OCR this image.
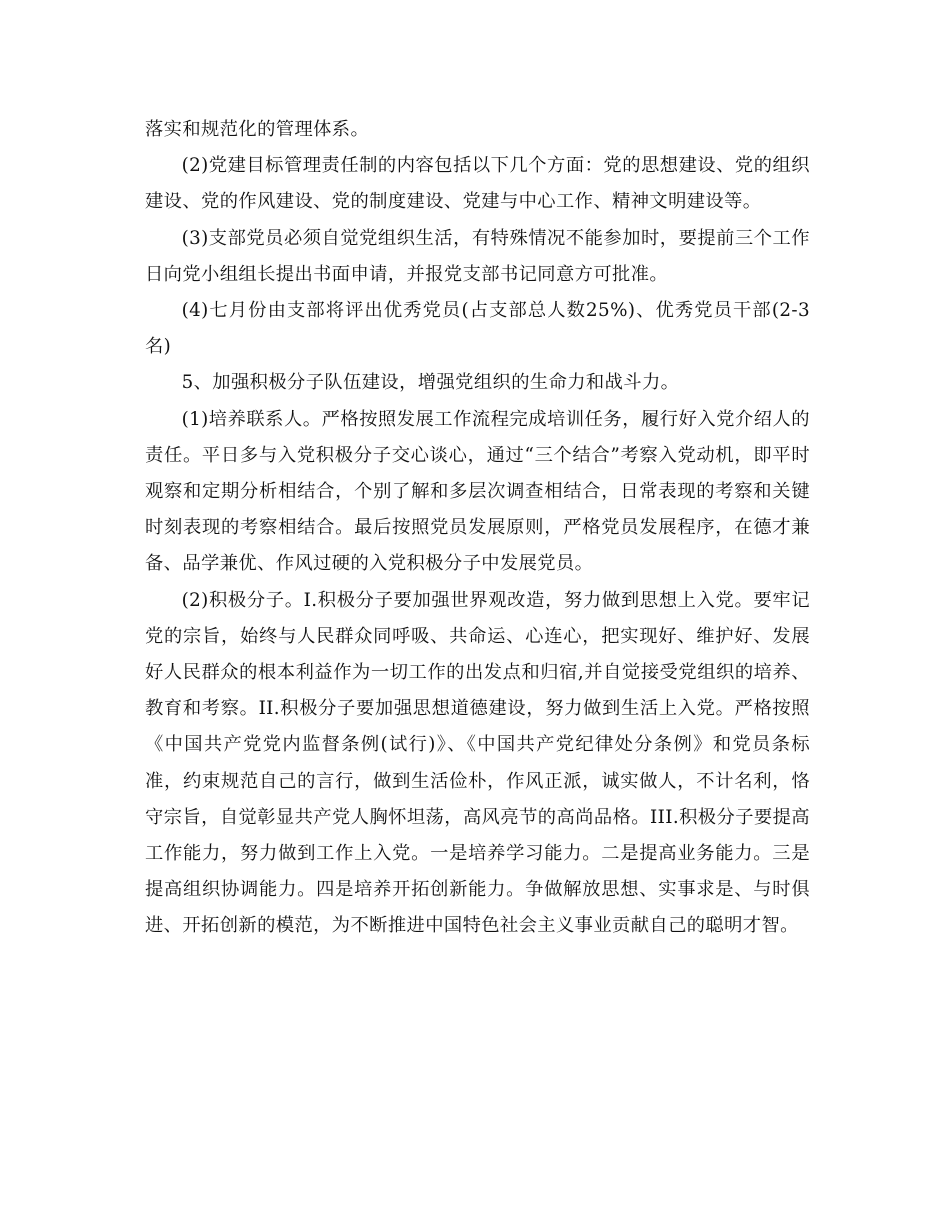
落实和规范化的管理体系。

(2)党建目标管理责任制的内容包括以下几个方面：党的思想建设、党的组织建设、党的作风建设、党的制度建设、党建与中心工作、精神文明建设等。

(3)支部党员必须自觉党组织生活，有特殊情况不能参加时，要提前三个工作日向党小组组长提出书面申请，并报党支部书记同意方可批准。

(4)七月份由支部将评出优秀党员(占支部总人数25%)、优秀党员干部(2-3名)

5、加强积极分子队伍建设，增强党组织的生命力和战斗力。

(1)培养联系人。严格按照发展工作流程完成培训任务，履行好入党介绍人的责任。平日多与入党积极分子交心谈心，通过“三个结合”考察入党动机，即平时观察和定期分析相结合，个别了解和多层次调查相结合，日常表现的考察和关键时刻表现的考察相结合。最后按照党员发展原则，严格党员发展程序，在德才兼备、品学兼优、作风过硬的入党积极分子中发展党员。

(2)积极分子。I.积极分子要加强世界观改造，努力做到思想上入党。要牢记党的宗旨，始终与人民群众同呼吸、共命运、心连心，把实现好、维护好、发展好人民群众的根本利益作为一切工作的出发点和归宿,并自觉接受党组织的培养、教育和考察。II.积极分子要加强思想道德建设，努力做到生活上入党。严格按照《中国共产党党内监督条例(试行)》、《中国共产党纪律处分条例》和党员条标准，约束规范自己的言行，做到生活俭朴，作风正派，诚实做人，不计名利，恪守宗旨，自觉彰显共产党人胸怀坦荡，高风亮节的高尚品格。III.积极分子要提高工作能力，努力做到工作上入党。一是培养学习能力。二是提高业务能力。三是提高组织协调能力。四是培养开拓创新能力。争做解放思想、实事求是、与时俱进、开拓创新的模范，为不断推进中国特色社会主义事业贡献自己的聪明才智。
